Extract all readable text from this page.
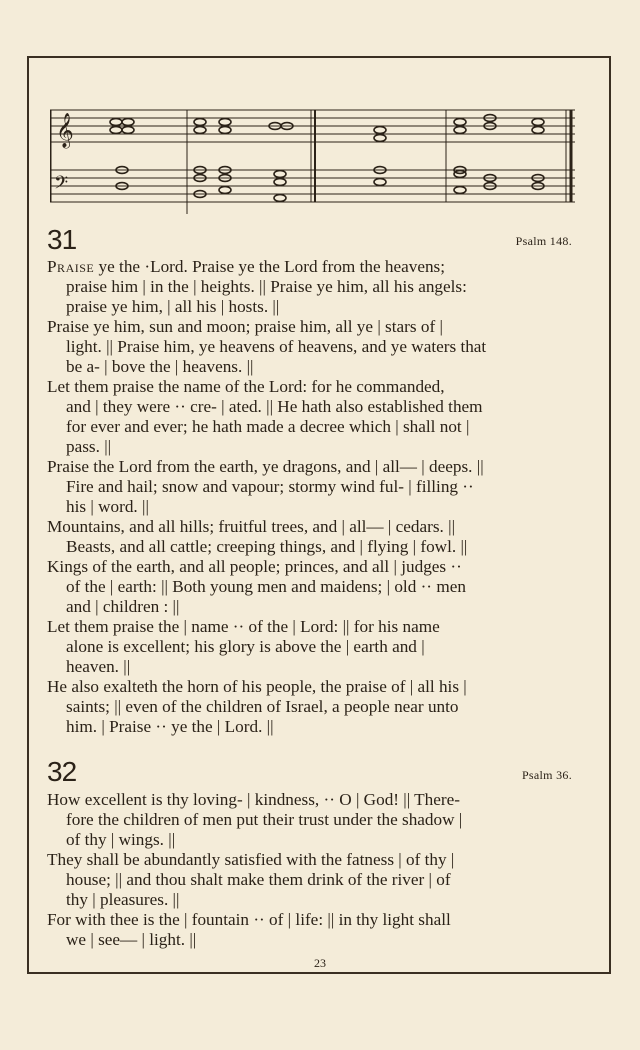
𝄞
𝄢
31	Psalm 148.
Praise ye the ·Lord. Praise ye the Lord from the heavens;
praise him | in the | heights. || Praise ye him, all his angels:
praise ye him, | all his | hosts. ||
Praise ye him, sun and moon; praise him, all ye | stars of |
light. || Praise him, ye heavens of heavens, and ye waters that
be a- | bove the | heavens. ||
Let them praise the name of the Lord: for he commanded,
and | they were ·· cre- | ated. || He hath also established them
for ever and ever; he hath made a decree which | shall not |
pass. ||
Praise the Lord from the earth, ye dragons, and | all— | deeps. ||
Fire and hail; snow and vapour; stormy wind ful- | filling ··
his | word. ||
Mountains, and all hills; fruitful trees, and | all— | cedars. ||
Beasts, and all cattle; creeping things, and | flying | fowl. ||
Kings of the earth, and all people; princes, and all | judges ··
of the | earth: || Both young men and maidens; | old ·· men
and | children : ||
Let them praise the | name ·· of the | Lord: || for his name
alone is excellent; his glory is above the | earth and |
heaven. ||
He also exalteth the horn of his people, the praise of | all his |
saints; || even of the children of Israel, a people near unto
him. | Praise ·· ye the | Lord. ||
32	Psalm 36.
How excellent is thy loving- | kindness, ·· O | God! || There-
fore the children of men put their trust under the shadow |
of thy | wings. ||
They shall be abundantly satisfied with the fatness | of thy |
house; || and thou shalt make them drink of the river | of
thy | pleasures. ||
For with thee is the | fountain ·· of | life: || in thy light shall
we | see— | light. ||
23
